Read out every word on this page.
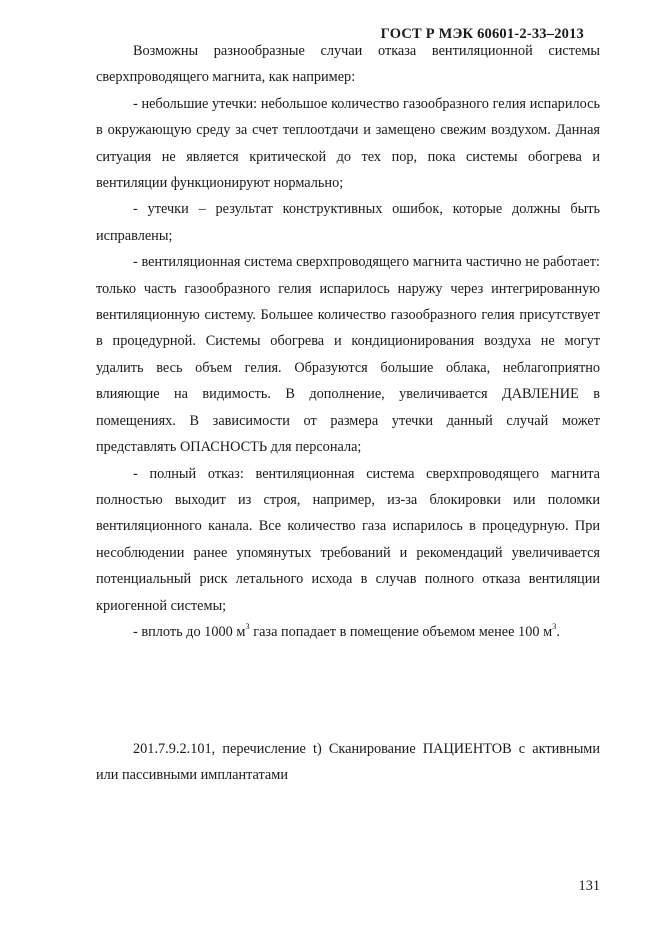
ГОСТ Р МЭК 60601-2-33–2013

Возможны разнообразные случаи отказа вентиляционной системы сверхпроводящего магнита, как например:

- небольшие утечки: небольшое количество газообразного гелия испарилось в окружающую среду за счет теплоотдачи и замещено свежим воздухом. Данная ситуация не является критической до тех пор, пока системы обогрева и вентиляции функционируют нормально;

- утечки – результат конструктивных ошибок, которые должны быть исправлены;

- вентиляционная система сверхпроводящего магнита частично не работает: только часть газообразного гелия испарилось наружу через интегрированную вентиляционную систему. Большее количество газообразного гелия присутствует в процедурной. Системы обогрева и кондиционирования воздуха не могут удалить весь объем гелия. Образуются большие облака, неблагоприятно влияющие на видимость. В дополнение, увеличивается ДАВЛЕНИЕ в помещениях. В зависимости от размера утечки данный случай может представлять ОПАСНОСТЬ для персонала;

- полный отказ: вентиляционная система сверхпроводящего магнита полностью выходит из строя, например, из-за блокировки или поломки вентиляционного канала. Все количество газа испарилось в процедурную. При несоблюдении ранее упомянутых требований и рекомендаций увеличивается потенциальный риск летального исхода в случав полного отказа вентиляции криогенной системы;

- вплоть до 1000 $м^3$ газа попадает в помещение объемом менее 100 $м^3$.

201.7.9.2.101, перечисление t) Сканирование ПАЦИЕНТОВ с активными или пассивными имплантатами

131
